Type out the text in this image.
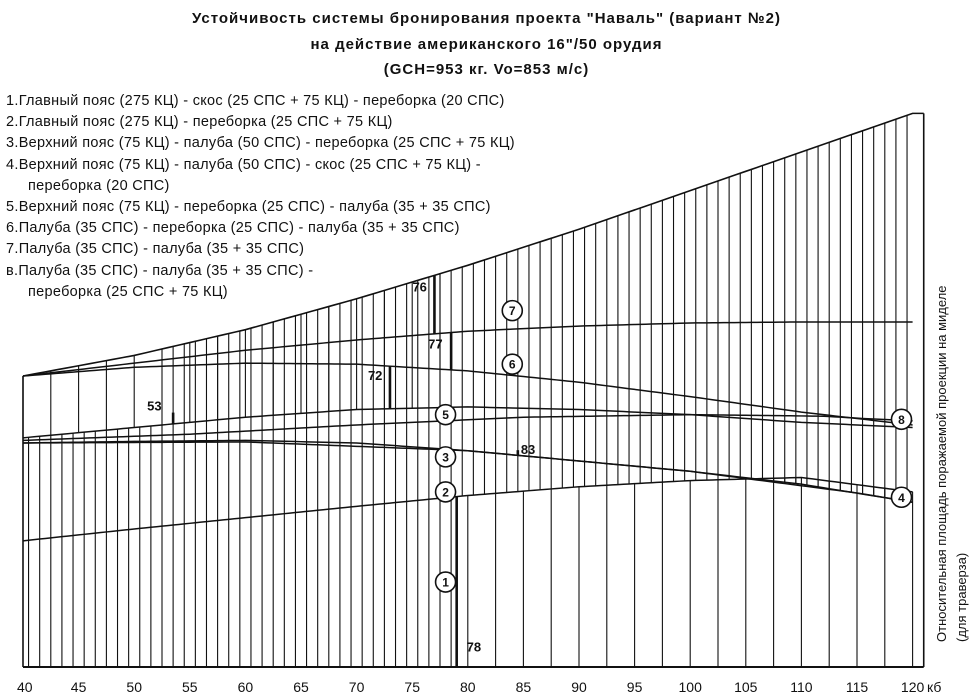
Устойчивость системы бронирования проекта "Наваль" (вариант №2)
на действие американского 16"/50 орудия
(GCH=953 кг. Vo=853 м/с)
53
72
76
77
83
78
1
2
3
4
5
6
7
8
40	45	50	55	60	65	70	75	80	85	90	95	100 105 110 115 120 кб
Относительная площадь поражаемой проекции на миделе (для траверза)
1.Главный пояс (275 КЦ) - скос (25 СПС + 75 КЦ) - переборка (20 СПС)
2.Главный пояс (275 КЦ) - переборка (25 СПС + 75 КЦ)
3.Верхний пояс (75 КЦ) - палуба (50 СПС) - переборка (25 СПС + 75 КЦ)
4.Верхний пояс (75 КЦ) - палуба (50 СПС) - скос (25 СПС + 75 КЦ) -
переборка (20 СПС)
5.Верхний пояс (75 КЦ) - переборка (25 СПС) - палуба (35 + 35 СПС)
6.Палуба (35 СПС) - переборка (25 СПС) - палуба (35 + 35 СПС)
7.Палуба (35 СПС) - палуба (35 + 35 СПС)
в.Палуба (35 СПС) - палуба (35 + 35 СПС) -
переборка (25 СПС + 75 КЦ)
